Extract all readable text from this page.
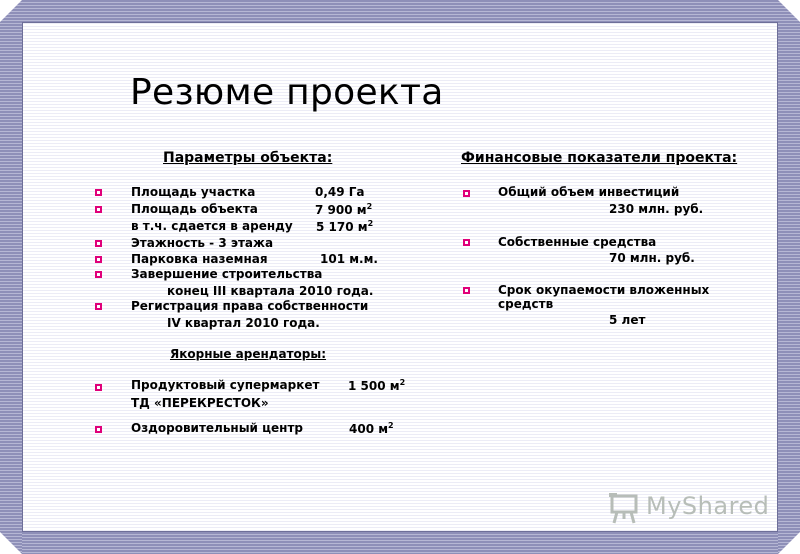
Резюме проекта
Параметры объекта:
Площадь участка	0,49 Га
Площадь объекта	7 900 $м^2$
в т.ч. сдается в аренду 5 170 $м^2$
Этажность - 3 этажа
Парковка наземная	101 м.м.
Завершение строительства
конец III квартала 2010 года.
Регистрация права собственности
IV квартал 2010 года.
Якорные арендаторы:
Продуктовый супермаркет 1 500 $м^2$
ТД «ПЕРЕКРЕСТОК»
Оздоровительный центр	400 $м^2$
Финансовые показатели проекта:
Общий объем инвестиций
230 млн. руб.
Собственные средства
70 млн. руб.
Срок окупаемости вложенных
средств
5 лет
MyShared
